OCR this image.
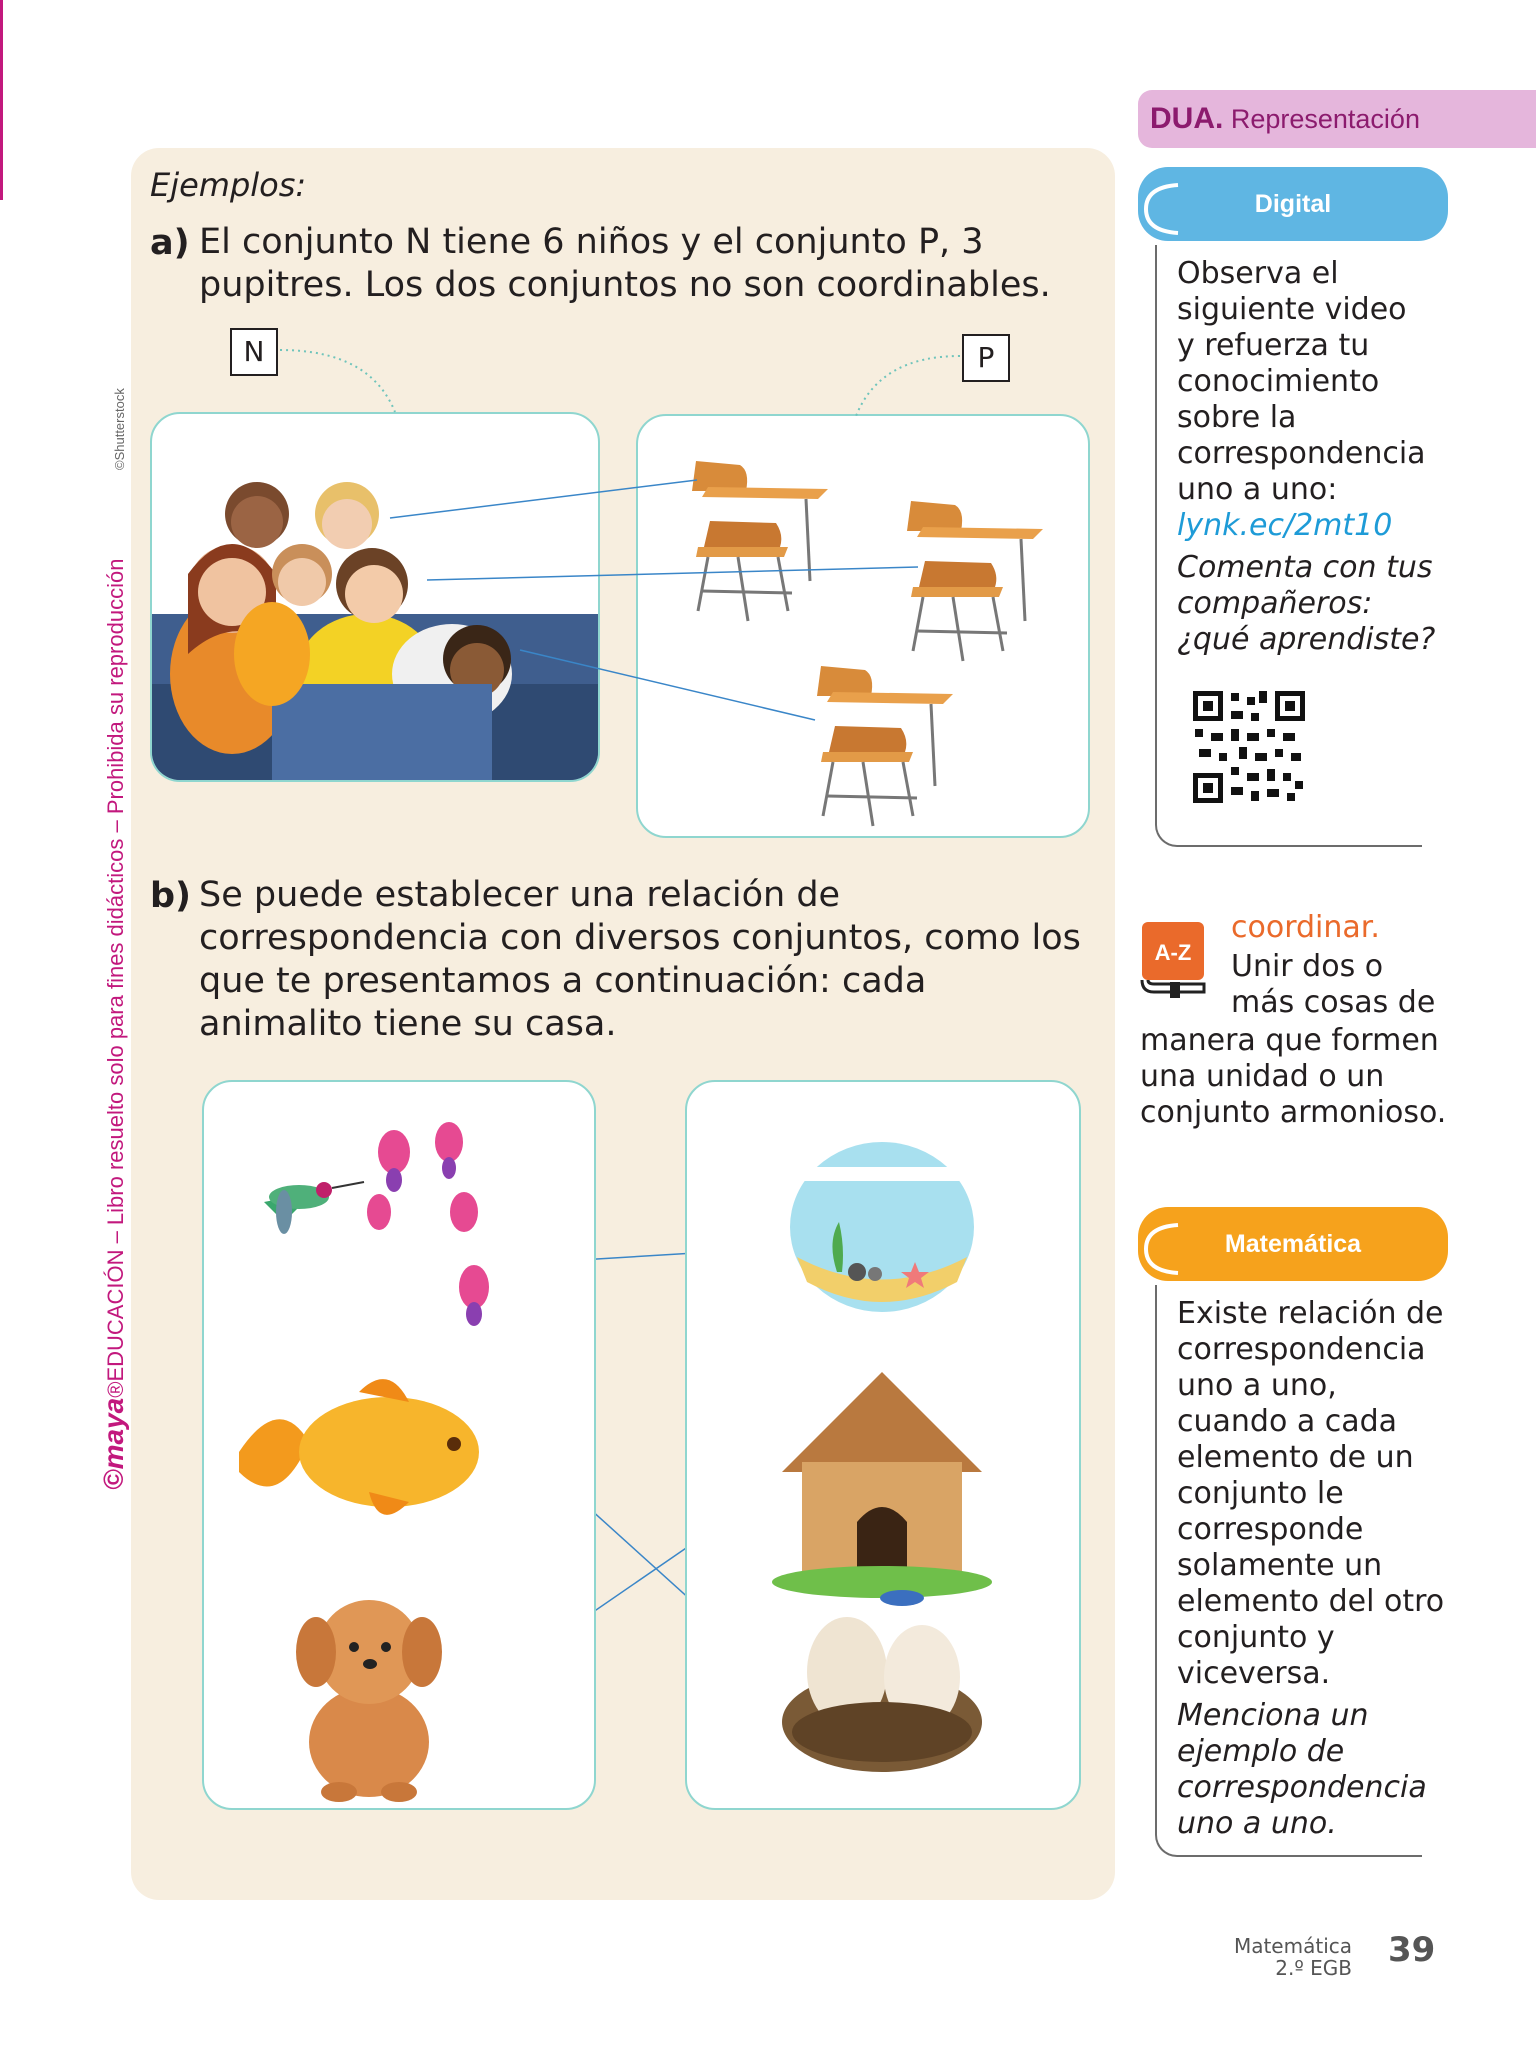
©maya®EDUCACIÓN – Libro resuelto solo para fines didácticos – Prohibida su reproducción
©Shutterstock
Ejemplos:
a) El conjunto N tiene 6 niños y el conjunto P, 3
pupitres. Los dos conjuntos no son coordinables.
N	P
b) Se puede establecer una relación de
correspondencia con diversos conjuntos, como los
que te presentamos a continuación: cada
animalito tiene su casa.
DUA. Representación
Digital
Observa el
siguiente video
y refuerza tu
conocimiento
sobre la
correspondencia
uno a uno:
lynk.ec/2mt10
Comenta con tus
compañeros:
¿qué aprendiste?
A-Z
coordinar.
Unir dos o
más cosas de
manera que formen
una unidad o un
conjunto armonioso.
Matemática
Existe relación de
correspondencia
uno a uno,
cuando a cada
elemento de un
conjunto le
corresponde
solamente un
elemento del otro
conjunto y
viceversa.
Menciona un
ejemplo de
correspondencia
uno a uno.
Matemática
2.º EGB 39
